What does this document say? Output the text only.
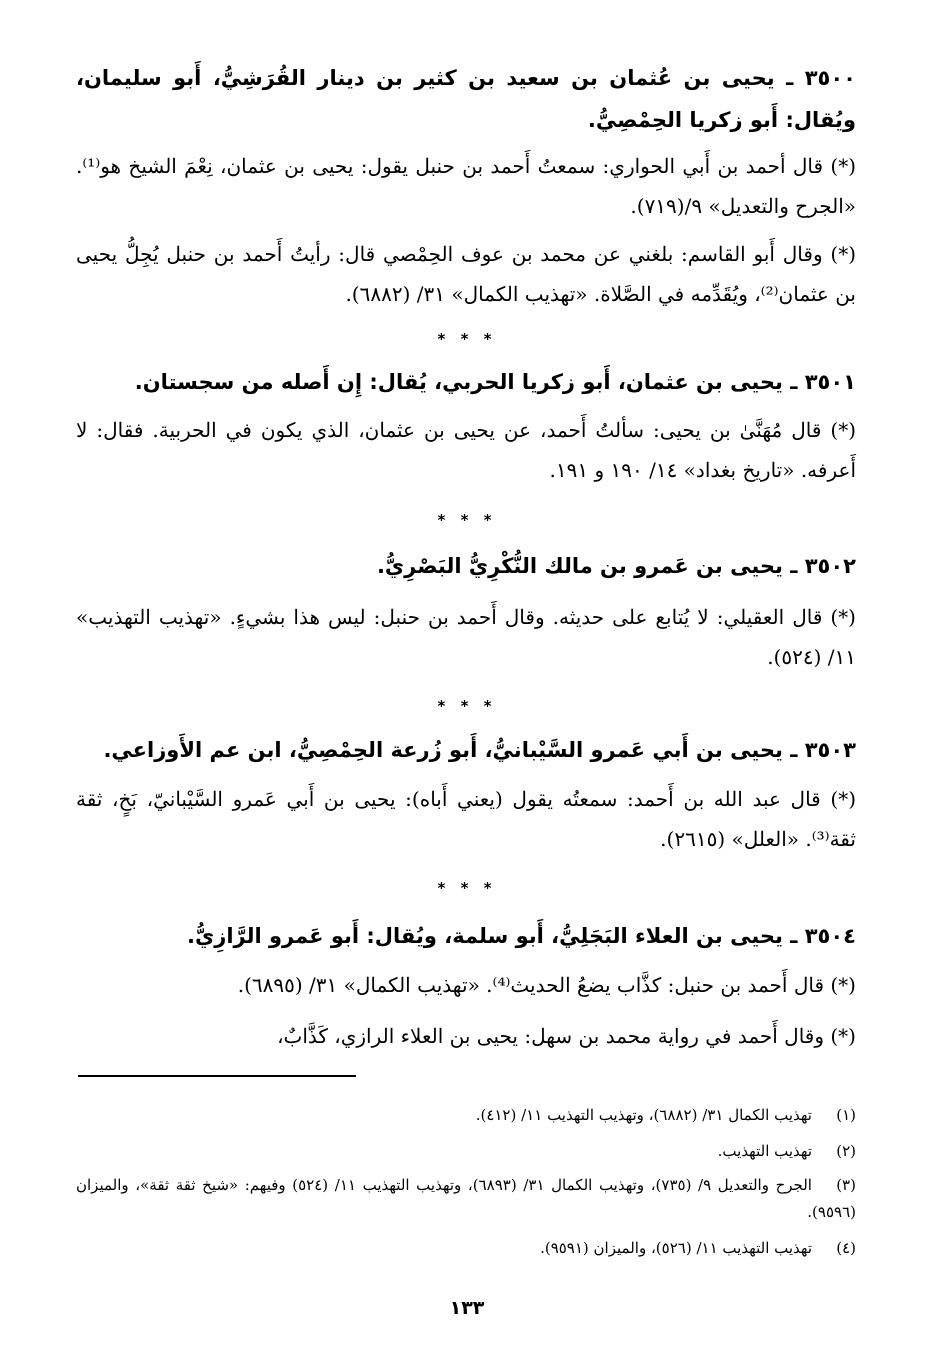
٣٥٠٠ ـ يحيى بن عُثمان بن سعيد بن كثير بن دينار القُرَشِيُّ، أَبو سليمان، ويُقال: أَبو زكريا الحِمْصِيُّ.
(*) قال أحمد بن أَبي الحواري: سمعتُ أَحمد بن حنبل يقول: يحيى بن عثمان، نِعْمَ الشيخ هو⁽¹⁾. «الجرح والتعديل» ٩/(٧١٩).
(*) وقال أَبو القاسم: بلغني عن محمد بن عوف الحِمْصي قال: رأيتُ أَحمد بن حنبل يُجِلُّ يحيى بن عثمان⁽²⁾، ويُقَدِّمه في الصَّلاة. «تهذيب الكمال» ٣١/ (٦٨٨٢).
* * *
٣٥٠١ ـ يحيى بن عثمان، أَبو زكريا الحربي، يُقال: إِن أَصله من سجستان.
(*) قال مُهَنَّىٰ بن يحيى: سألتُ أَحمد، عن يحيى بن عثمان، الذي يكون في الحربية. فقال: لا أَعرفه. «تاريخ بغداد» ١٤/ ١٩٠ و ١٩١.
* * *
٣٥٠٢ ـ يحيى بن عَمرو بن مالك النُّكْرِيُّ البَصْرِيُّ.
(*) قال العقيلي: لا يُتابع على حديثه. وقال أَحمد بن حنبل: ليس هذا بشيءٍ. «تهذيب التهذيب» ١١/ (٥٢٤).
* * *
٣٥٠٣ ـ يحيى بن أَبي عَمرو السَّيْبانيُّ، أَبو زُرعة الحِمْصِيُّ، ابن عم الأَوزاعي.
(*) قال عبد الله بن أَحمد: سمعتُه يقول (يعني أَباه): يحيى بن أَبي عَمرو السَّيْبانيّ، بَخٍ، ثقة ثقة⁽³⁾. «العلل» (٢٦١٥).
* * *
٣٥٠٤ ـ يحيى بن العلاء البَجَلِيُّ، أَبو سلمة، ويُقال: أَبو عَمرو الرَّازِيُّ.
(*) قال أَحمد بن حنبل: كذَّاب يضعُ الحديث⁽⁴⁾. «تهذيب الكمال» ٣١/ (٦٨٩٥).
(*) وقال أَحمد في رواية محمد بن سهل: يحيى بن العلاء الرازي، كَذَّابٌ،
(١)تهذيب الكمال ٣١/ (٦٨٨٢)، وتهذيب التهذيب ١١/ (٤١٢).
(٢)تهذيب التهذيب.
(٣)الجرح والتعديل ٩/ (٧٣٥)، وتهذيب الكمال ٣١/ (٦٨٩٣)، وتهذيب التهذيب ١١/ (٥٢٤) وفيهم: «شيخ ثقة ثقة»، والميزان (٩٥٩٦).
(٤)تهذيب التهذيب ١١/ (٥٢٦)، والميزان (٩٥٩١).
١٣٣
